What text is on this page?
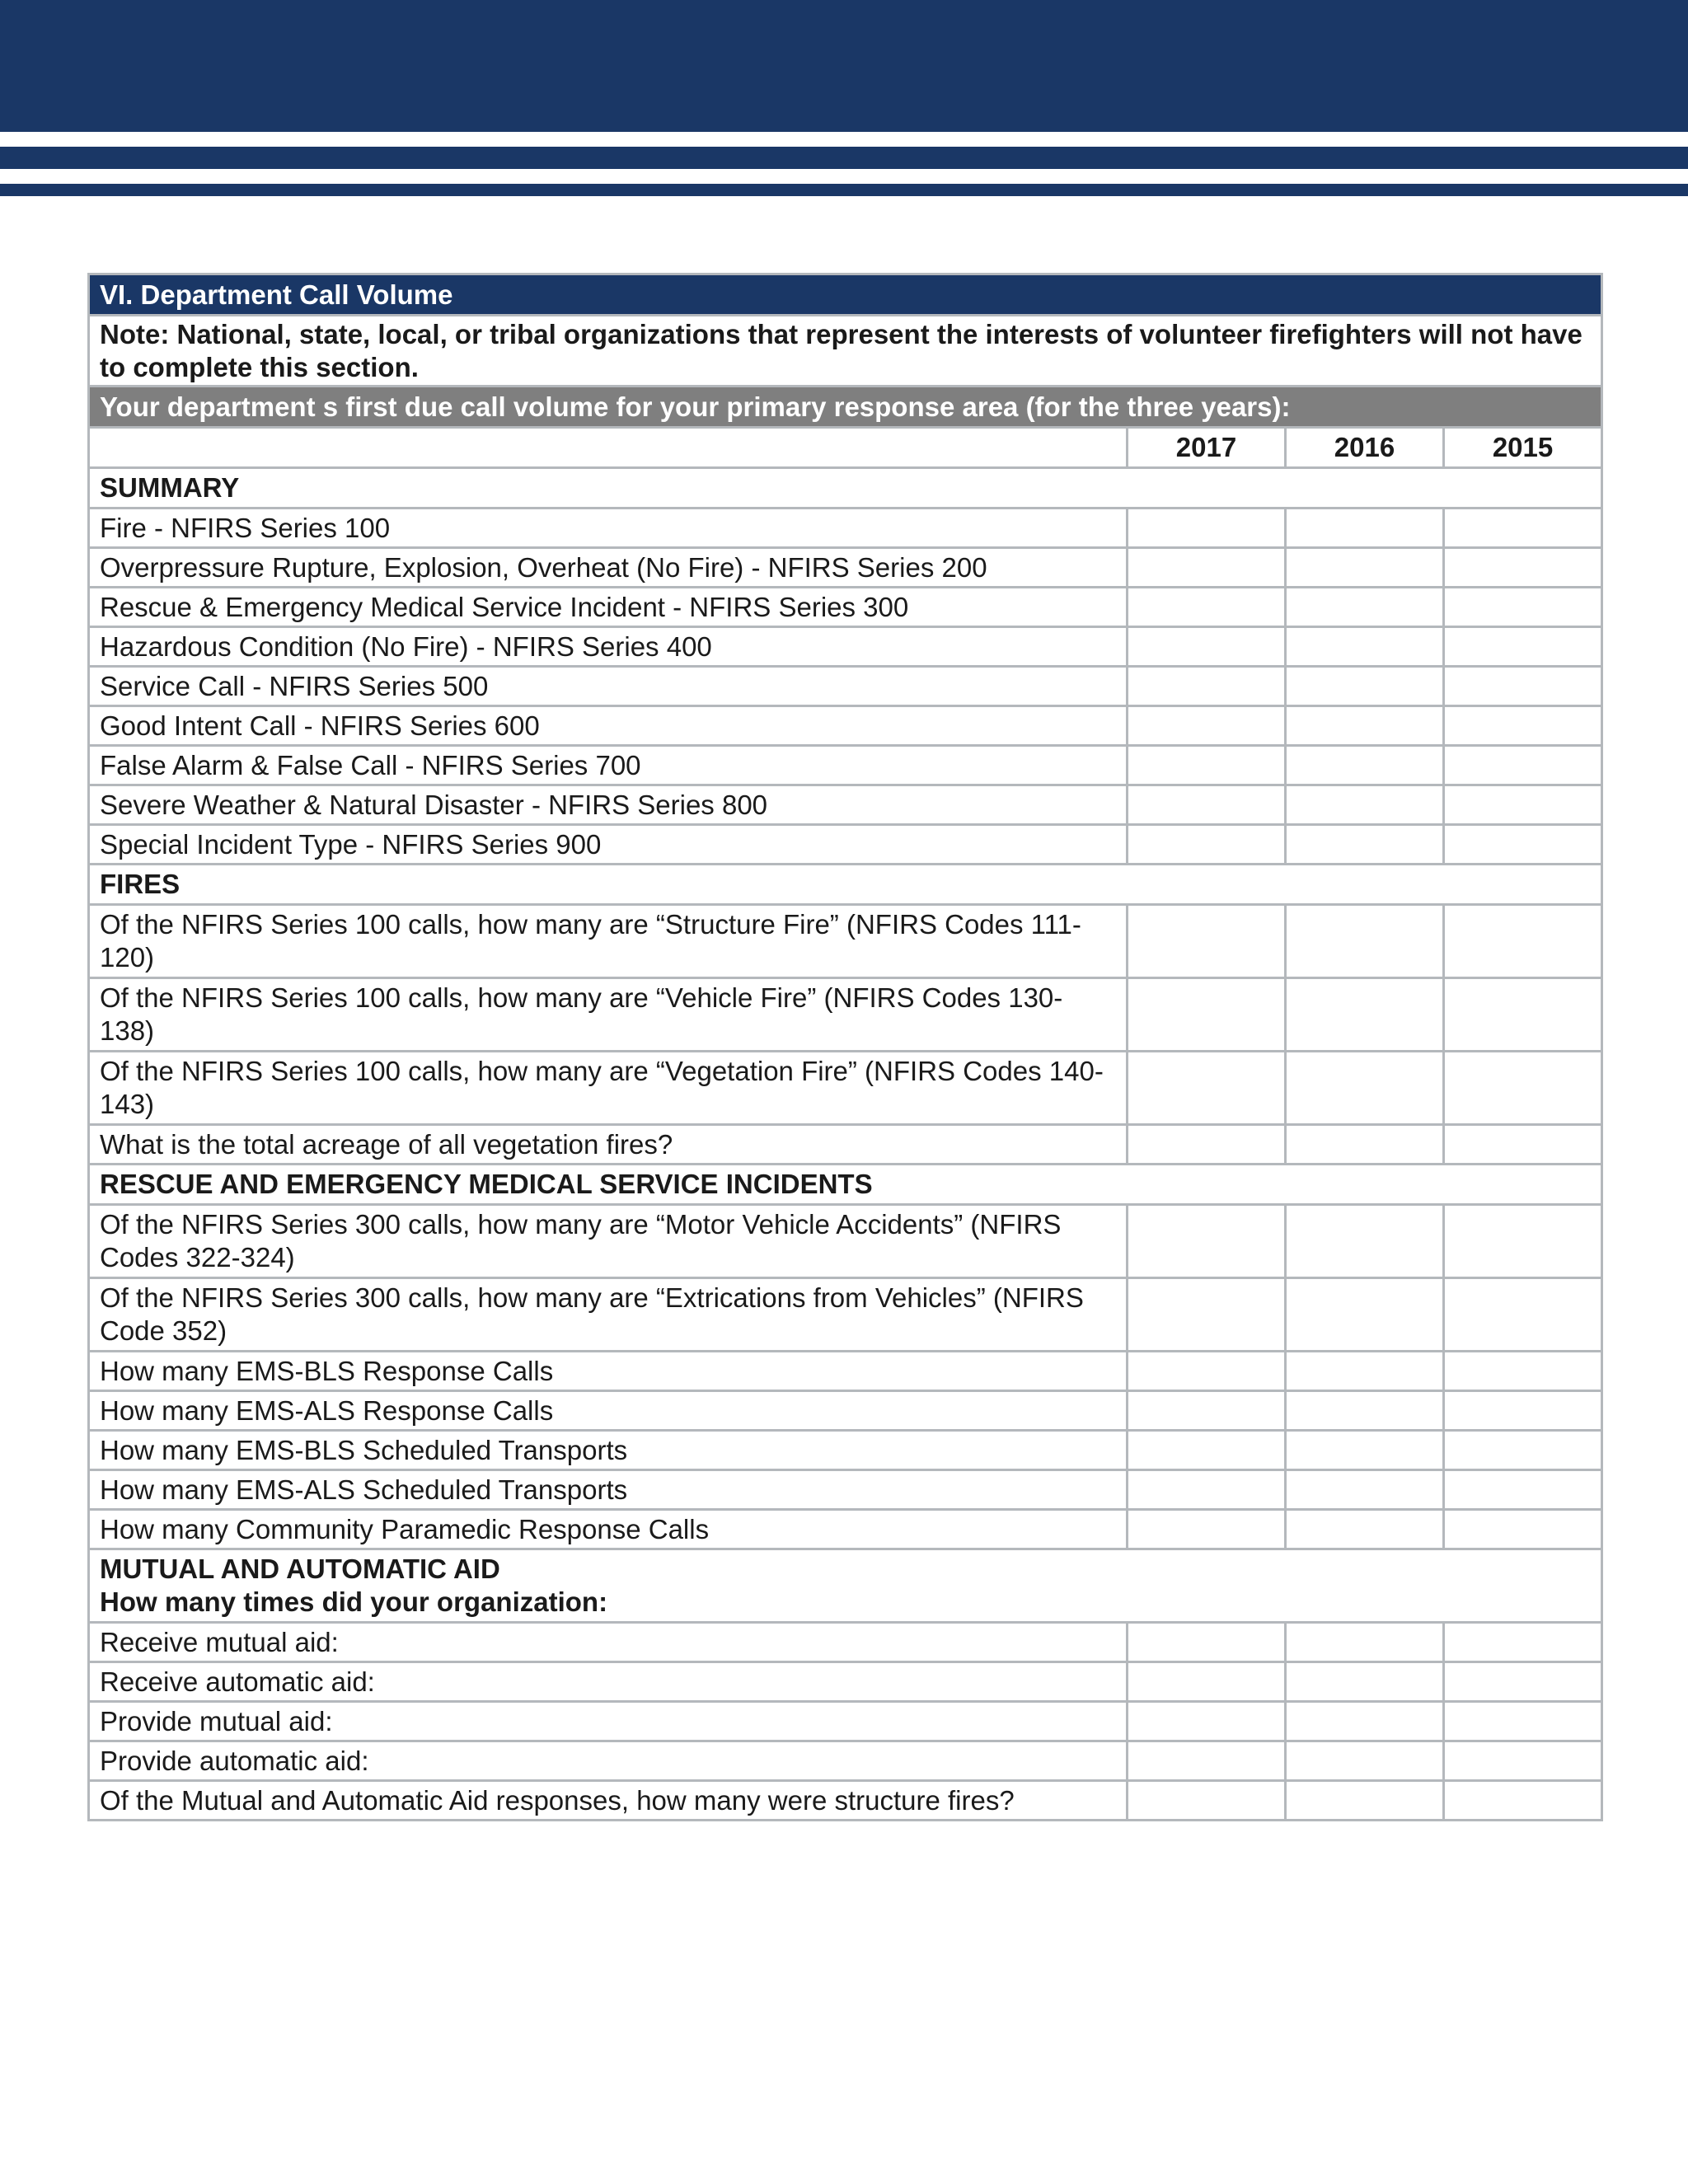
VI. Department Call Volume			
Note: National, state, local, or tribal organizations that represent the interests of volunteer firefighters will not have to complete this section.			
Your department s first due call volume for your primary response area (for the three years):			
	2017	2016	2015
SUMMARY			
Fire - NFIRS Series 100			
Overpressure Rupture, Explosion, Overheat (No Fire) - NFIRS Series 200			
Rescue & Emergency Medical Service Incident - NFIRS Series 300			
Hazardous Condition (No Fire) - NFIRS Series 400			
Service Call - NFIRS Series 500			
Good Intent Call - NFIRS Series 600			
False Alarm & False Call - NFIRS Series 700			
Severe Weather & Natural Disaster - NFIRS Series 800			
Special Incident Type - NFIRS Series 900			
FIRES			
Of the NFIRS Series 100 calls, how many are “Structure Fire” (NFIRS Codes 111-120)			
Of the NFIRS Series 100 calls, how many are “Vehicle Fire” (NFIRS Codes 130-138)			
Of the NFIRS Series 100 calls, how many are “Vegetation Fire” (NFIRS Codes 140-143)			
What is the total acreage of all vegetation fires?			
RESCUE AND EMERGENCY MEDICAL SERVICE INCIDENTS			
Of the NFIRS Series 300 calls, how many are “Motor Vehicle Accidents” (NFIRS Codes 322-324)			
Of the NFIRS Series 300 calls, how many are “Extrications from Vehicles” (NFIRS Code 352)			
How many EMS-BLS Response Calls			
How many EMS-ALS Response Calls			
How many EMS-BLS Scheduled Transports			
How many EMS-ALS Scheduled Transports			
How many Community Paramedic Response Calls			

MUTUAL AND AUTOMATIC AID
How many times did your organization:			

Receive mutual aid:			
Receive automatic aid:			
Provide mutual aid:			
Provide automatic aid:			
Of the Mutual and Automatic Aid responses, how many were structure fires?			
